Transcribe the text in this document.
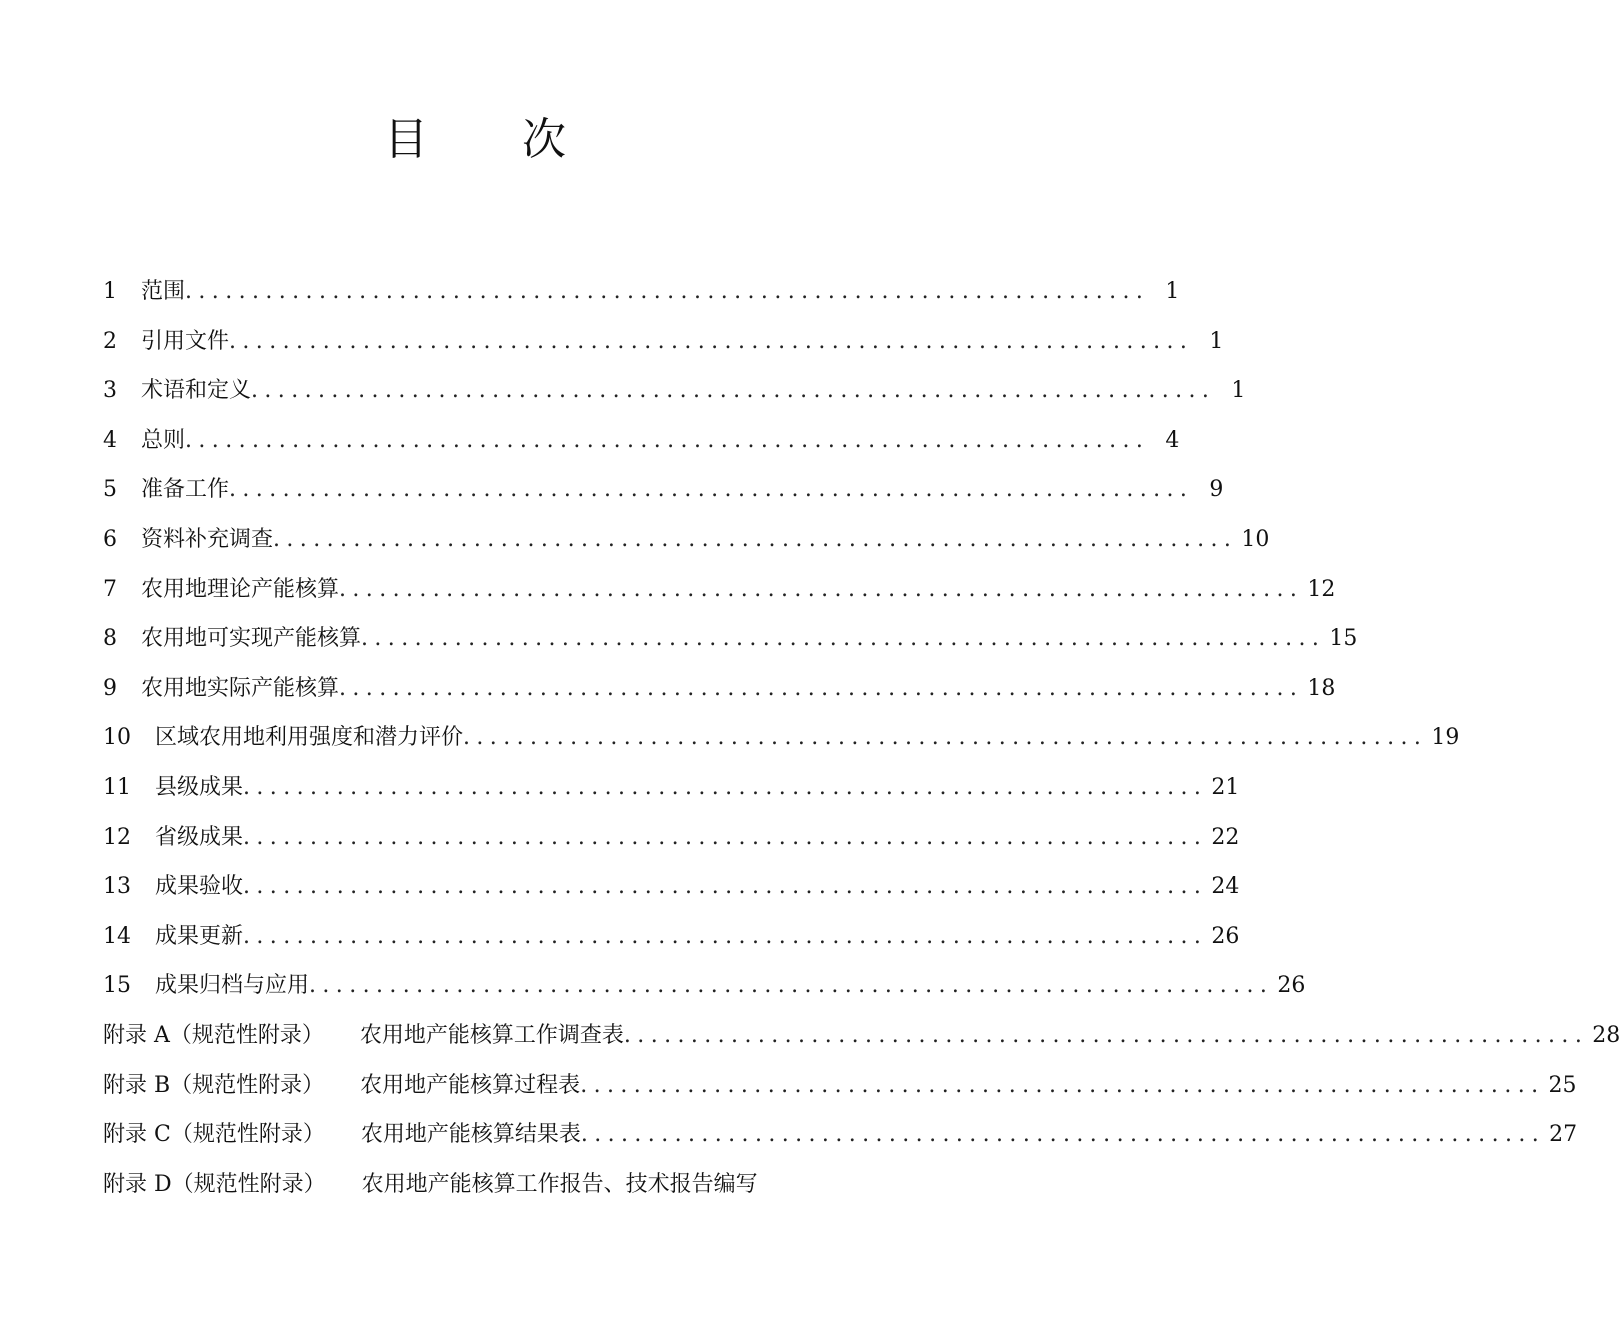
目 次
1	范围 ........................................................................ 1
2	引用文件 ........................................................................ 1
3	术语和定义 ........................................................................ 1
4	总则 ........................................................................ 4
5	准备工作 ........................................................................ 9
6	资料补充调查 ........................................................................ 10
7	农用地理论产能核算 ........................................................................ 12
8	农用地可实现产能核算 ........................................................................ 15
9	农用地实际产能核算 ........................................................................ 18
10	区域农用地利用强度和潜力评价 ........................................................................ 19
11	县级成果 ........................................................................ 21
12	省级成果 ........................................................................ 22
13	成果验收 ........................................................................ 24
14	成果更新 ........................................................................ 26
15	成果归档与应用 ........................................................................ 26
附录 A（规范性附录） 农用地产能核算工作调查表 ........................................................................ 28
附录 B（规范性附录） 农用地产能核算过程表 ........................................................................ 25
附录 C（规范性附录） 农用地产能核算结果表 ........................................................................ 27
附录 D（规范性附录） 农用地产能核算工作报告、技术报告编写
